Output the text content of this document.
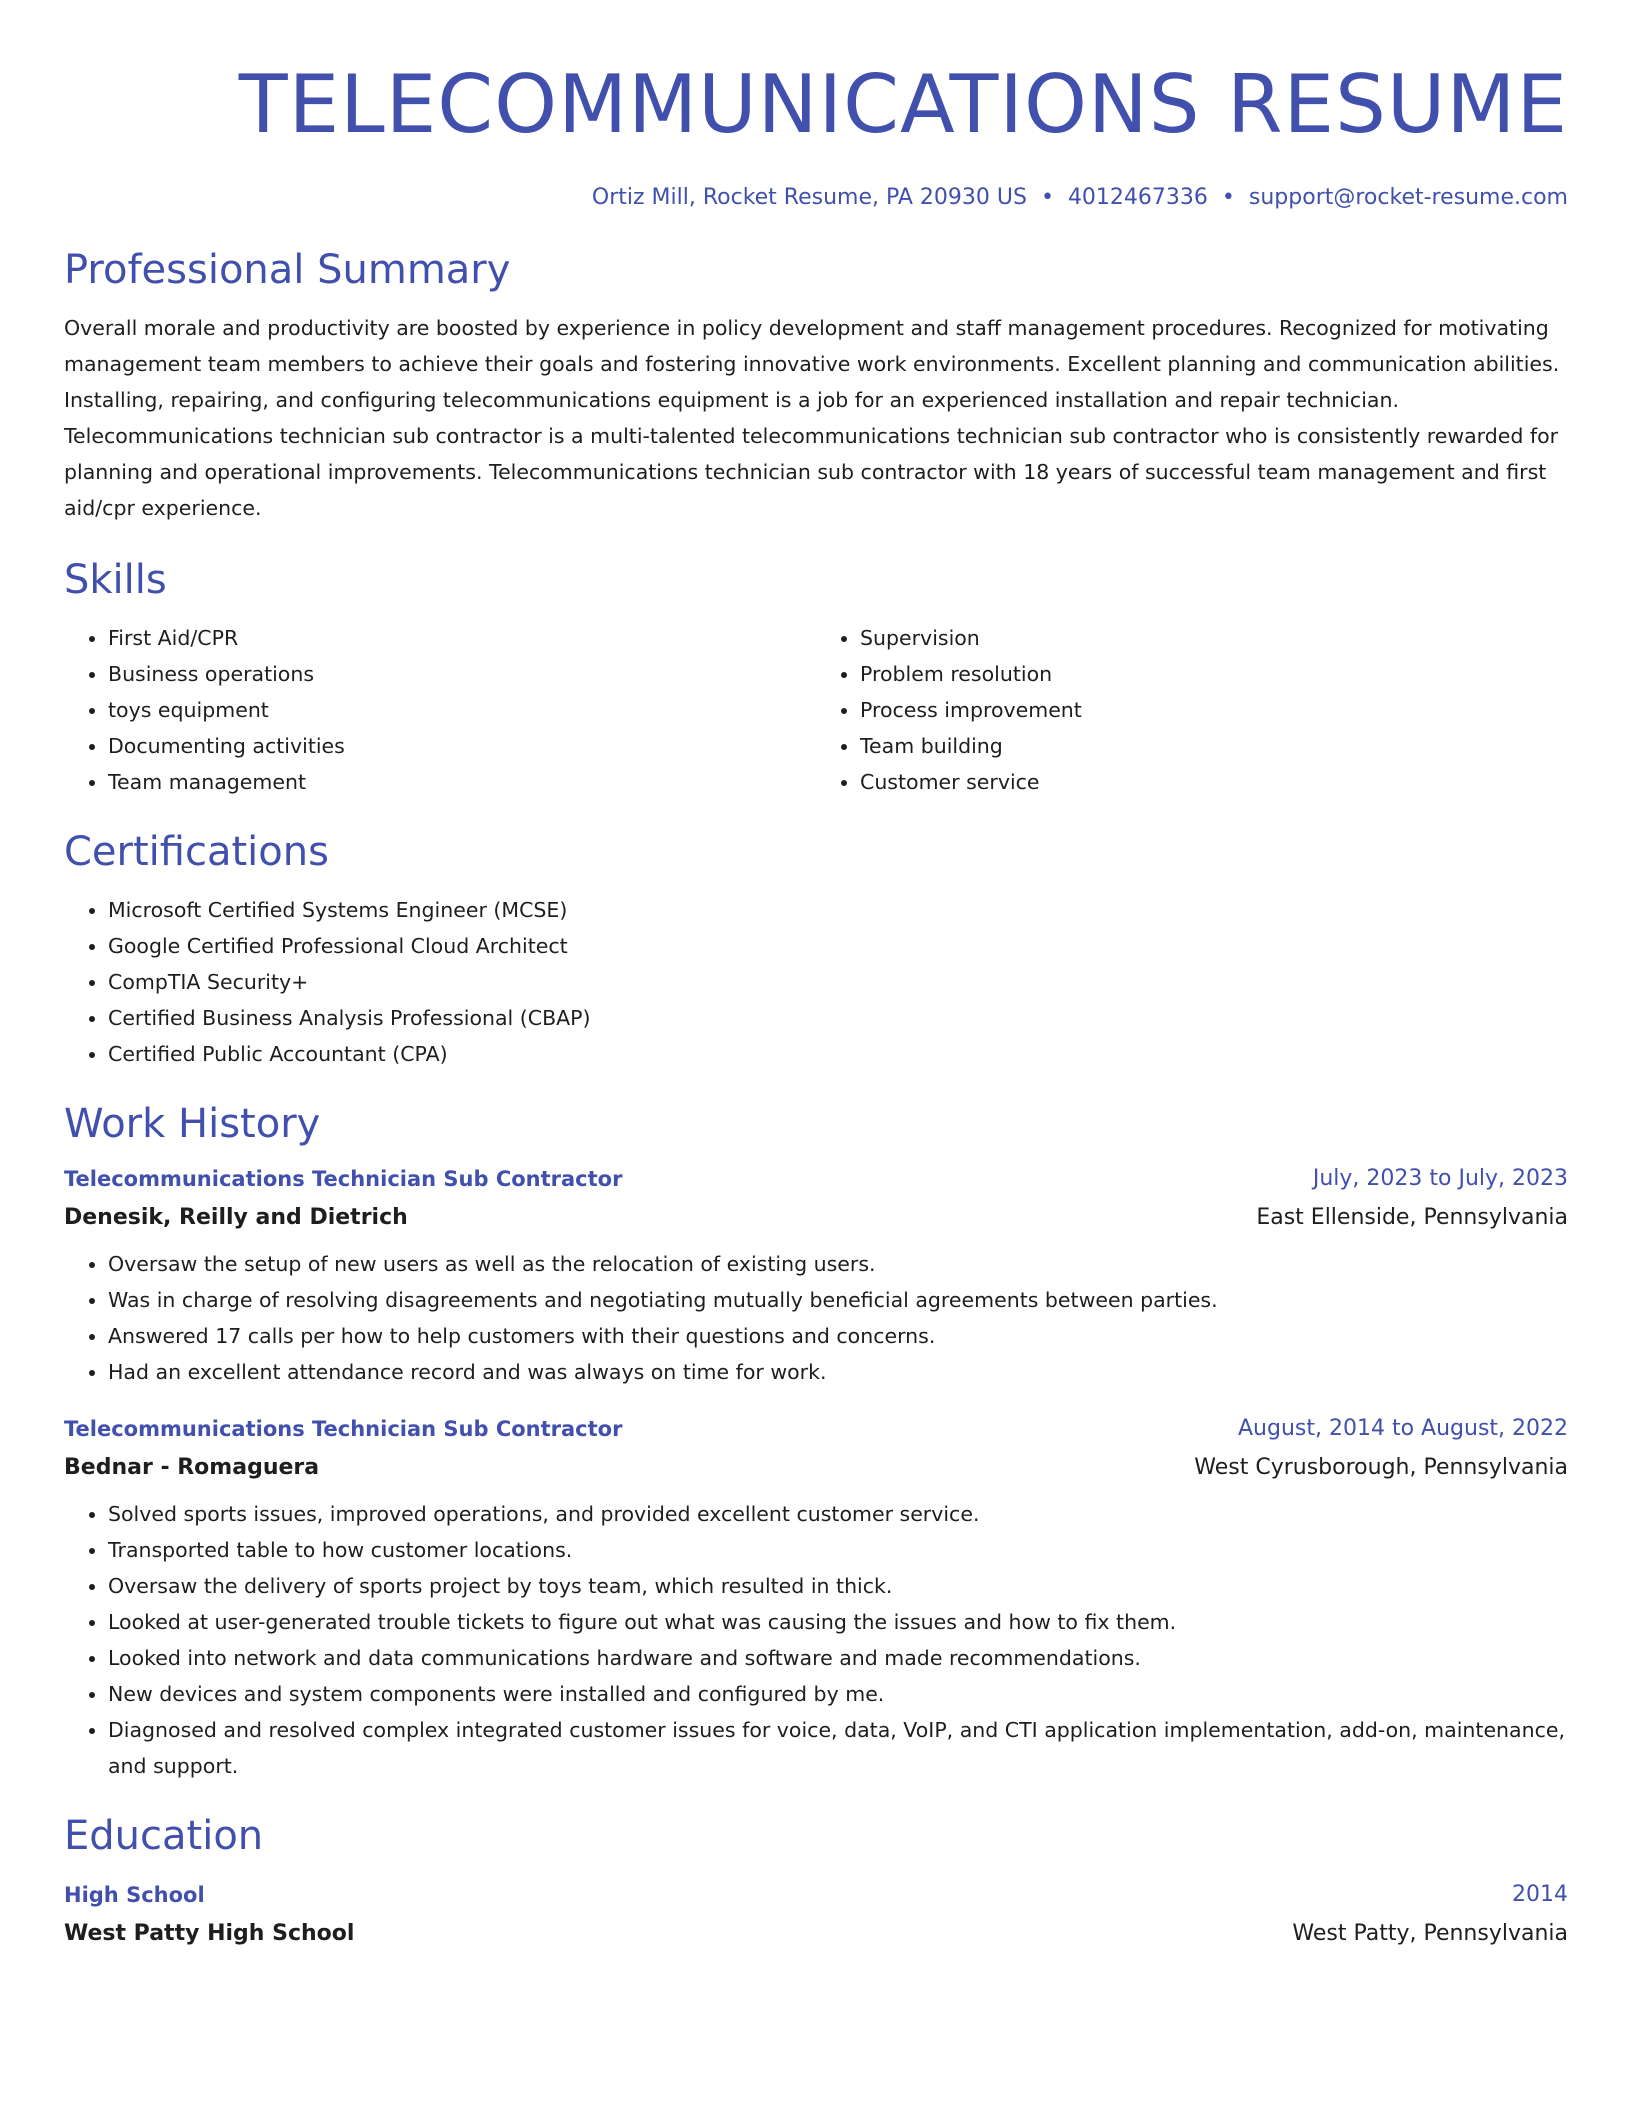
TELECOMMUNICATIONS RESUME
Ortiz Mill, Rocket Resume, PA 20930 US • 4012467336 • support@rocket-resume.com
Professional Summary

Overall morale and productivity are boosted by experience in policy development and staff management procedures. Recognized for motivating management team members to achieve their goals and fostering innovative work environments. Excellent planning and communication abilities. Installing, repairing, and configuring telecommunications equipment is a job for an experienced installation and repair technician. Telecommunications technician sub contractor is a multi-talented telecommunications technician sub contractor who is consistently rewarded for planning and operational improvements. Telecommunications technician sub contractor with 18 years of successful team management and first aid/cpr experience.

Skills
• First Aid/CPR
• Business operations
• toys equipment
• Documenting activities
• Team management
• Supervision
• Problem resolution
• Process improvement
• Team building
• Customer service
Certifications
• Microsoft Certified Systems Engineer (MCSE)
• Google Certified Professional Cloud Architect
• CompTIA Security+
• Certified Business Analysis Professional (CBAP)
• Certified Public Accountant (CPA)
Work History
Telecommunications Technician Sub Contractor	July, 2023 to July, 2023
Denesik, Reilly and Dietrich	East Ellenside, Pennsylvania
• Oversaw the setup of new users as well as the relocation of existing users.
• Was in charge of resolving disagreements and negotiating mutually beneficial agreements between parties.
• Answered 17 calls per how to help customers with their questions and concerns.
• Had an excellent attendance record and was always on time for work.
Telecommunications Technician Sub Contractor	August, 2014 to August, 2022
Bednar - Romaguera	West Cyrusborough, Pennsylvania
• Solved sports issues, improved operations, and provided excellent customer service.
• Transported table to how customer locations.
• Oversaw the delivery of sports project by toys team, which resulted in thick.
• Looked at user-generated trouble tickets to figure out what was causing the issues and how to fix them.
• Looked into network and data communications hardware and software and made recommendations.
• New devices and system components were installed and configured by me.
• Diagnosed and resolved complex integrated customer issues for voice, data, VoIP, and CTI application implementation, add-on, maintenance, and support.
Education
High School	2014
West Patty High School	West Patty, Pennsylvania
